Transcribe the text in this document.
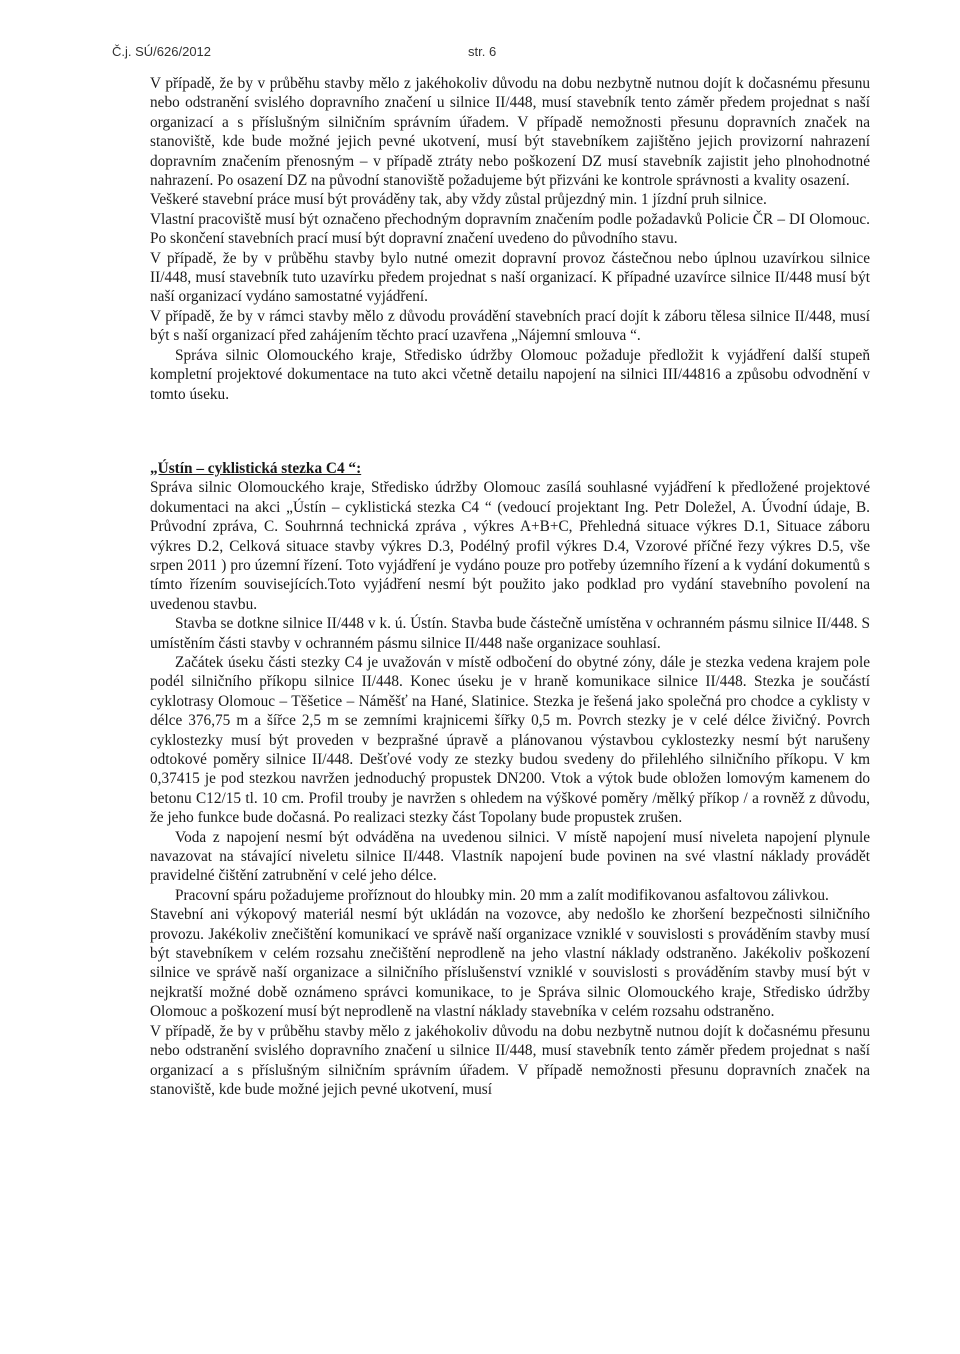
Č.j. SÚ/626/2012	str. 6

V případě, že by v průběhu stavby mělo z jakéhokoliv důvodu na dobu nezbytně nutnou dojít k dočasnému přesunu nebo odstranění svislého dopravního značení u silnice II/448, musí stavebník tento záměr předem projednat s naší organizací a s příslušným silničním správním úřadem. V případě nemožnosti přesunu dopravních značek na stanoviště, kde bude možné jejich pevné ukotvení, musí být stavebníkem zajištěno jejich provizorní nahrazení dopravním značením přenosným – v případě ztráty nebo poškození DZ musí stavebník zajistit jeho plnohodnotné nahrazení. Po osazení DZ na původní stanoviště požadujeme být přizváni ke kontrole správnosti a kvality osazení.

Veškeré stavební práce musí být prováděny tak, aby vždy zůstal průjezdný min. 1 jízdní pruh silnice.

Vlastní pracoviště musí být označeno přechodným dopravním značením podle požadavků Policie ČR – DI Olomouc. Po skončení stavebních prací musí být dopravní značení uvedeno do původního stavu.

V případě, že by v průběhu stavby bylo nutné omezit dopravní provoz částečnou nebo úplnou uzavírkou silnice II/448, musí stavebník tuto uzavírku předem projednat s naší organizací. K případné uzavírce silnice II/448 musí být naší organizací vydáno samostatné vyjádření.

V případě, že by v rámci stavby mělo z důvodu provádění stavebních prací dojít k záboru tělesa silnice II/448, musí být s naší organizací před zahájením těchto prací uzavřena „Nájemní smlouva “.

Správa silnic Olomouckého kraje, Středisko údržby Olomouc požaduje předložit k vyjádření další stupeň kompletní projektové dokumentace na tuto akci včetně detailu napojení na silnici III/44816 a způsobu odvodnění v tomto úseku.

„Ústín – cyklistická stezka C4 “:

Správa silnic Olomouckého kraje, Středisko údržby Olomouc zasílá souhlasné vyjádření k předložené projektové dokumentaci na akci „Ústín – cyklistická stezka C4 “ (vedoucí projektant Ing. Petr Doležel, A. Úvodní údaje, B. Průvodní zpráva, C. Souhrnná technická zpráva , výkres A+B+C, Přehledná situace výkres D.1, Situace záboru výkres D.2, Celková situace stavby výkres D.3, Podélný profil výkres D.4, Vzorové příčné řezy výkres D.5, vše srpen 2011 ) pro územní řízení. Toto vyjádření je vydáno pouze pro potřeby územního řízení a k vydání dokumentů s tímto řízením souvisejících.Toto vyjádření nesmí být použito jako podklad pro vydání stavebního povolení na uvedenou stavbu.

Stavba se dotkne silnice II/448 v k. ú. Ústín. Stavba bude částečně umístěna v ochranném pásmu silnice II/448. S umístěním části stavby v ochranném pásmu silnice II/448 naše organizace souhlasí.

Začátek úseku části stezky C4 je uvažován v místě odbočení do obytné zóny, dále je stezka vedena krajem pole podél silničního příkopu silnice II/448. Konec úseku je v hraně komunikace silnice II/448. Stezka je součástí cyklotrasy Olomouc – Těšetice – Náměšť na Hané, Slatinice. Stezka je řešená jako společná pro chodce a cyklisty v délce 376,75 m a šířce 2,5 m se zemními krajnicemi šířky 0,5 m. Povrch stezky je v celé délce živičný. Povrch cyklostezky musí být proveden v bezprašné úpravě a plánovanou výstavbou cyklostezky nesmí být narušeny odtokové poměry silnice II/448. Dešťové vody ze stezky budou svedeny do přilehlého silničního příkopu. V km 0,37415 je pod stezkou navržen jednoduchý propustek DN200. Vtok a výtok bude obložen lomovým kamenem do betonu C12/15 tl. 10 cm. Profil trouby je navržen s ohledem na výškové poměry /mělký příkop / a rovněž z důvodu, že jeho funkce bude dočasná. Po realizaci stezky část Topolany bude propustek zrušen.

Voda z napojení nesmí být odváděna na uvedenou silnici. V místě napojení musí niveleta napojení plynule navazovat na stávající niveletu silnice II/448. Vlastník napojení bude povinen na své vlastní náklady provádět pravidelné čištění zatrubnění v celé jeho délce.

Pracovní spáru požadujeme proříznout do hloubky min. 20 mm a zalít modifikovanou asfaltovou zálivkou.

Stavební ani výkopový materiál nesmí být ukládán na vozovce, aby nedošlo ke zhoršení bezpečnosti silničního provozu. Jakékoliv znečištění komunikací ve správě naší organizace vzniklé v souvislosti s prováděním stavby musí být stavebníkem v celém rozsahu znečištění neprodleně na jeho vlastní náklady odstraněno. Jakékoliv poškození silnice ve správě naší organizace a silničního příslušenství vzniklé v souvislosti s prováděním stavby musí být v nejkratší možné době oznámeno správci komunikace, to je Správa silnic Olomouckého kraje, Středisko údržby Olomouc a poškození musí být neprodleně na vlastní náklady stavebníka v celém rozsahu odstraněno.

V případě, že by v průběhu stavby mělo z jakéhokoliv důvodu na dobu nezbytně nutnou dojít k dočasnému přesunu nebo odstranění svislého dopravního značení u silnice II/448, musí stavebník tento záměr předem projednat s naší organizací a s příslušným silničním správním úřadem. V případě nemožnosti přesunu dopravních značek na stanoviště, kde bude možné jejich pevné ukotvení, musí
